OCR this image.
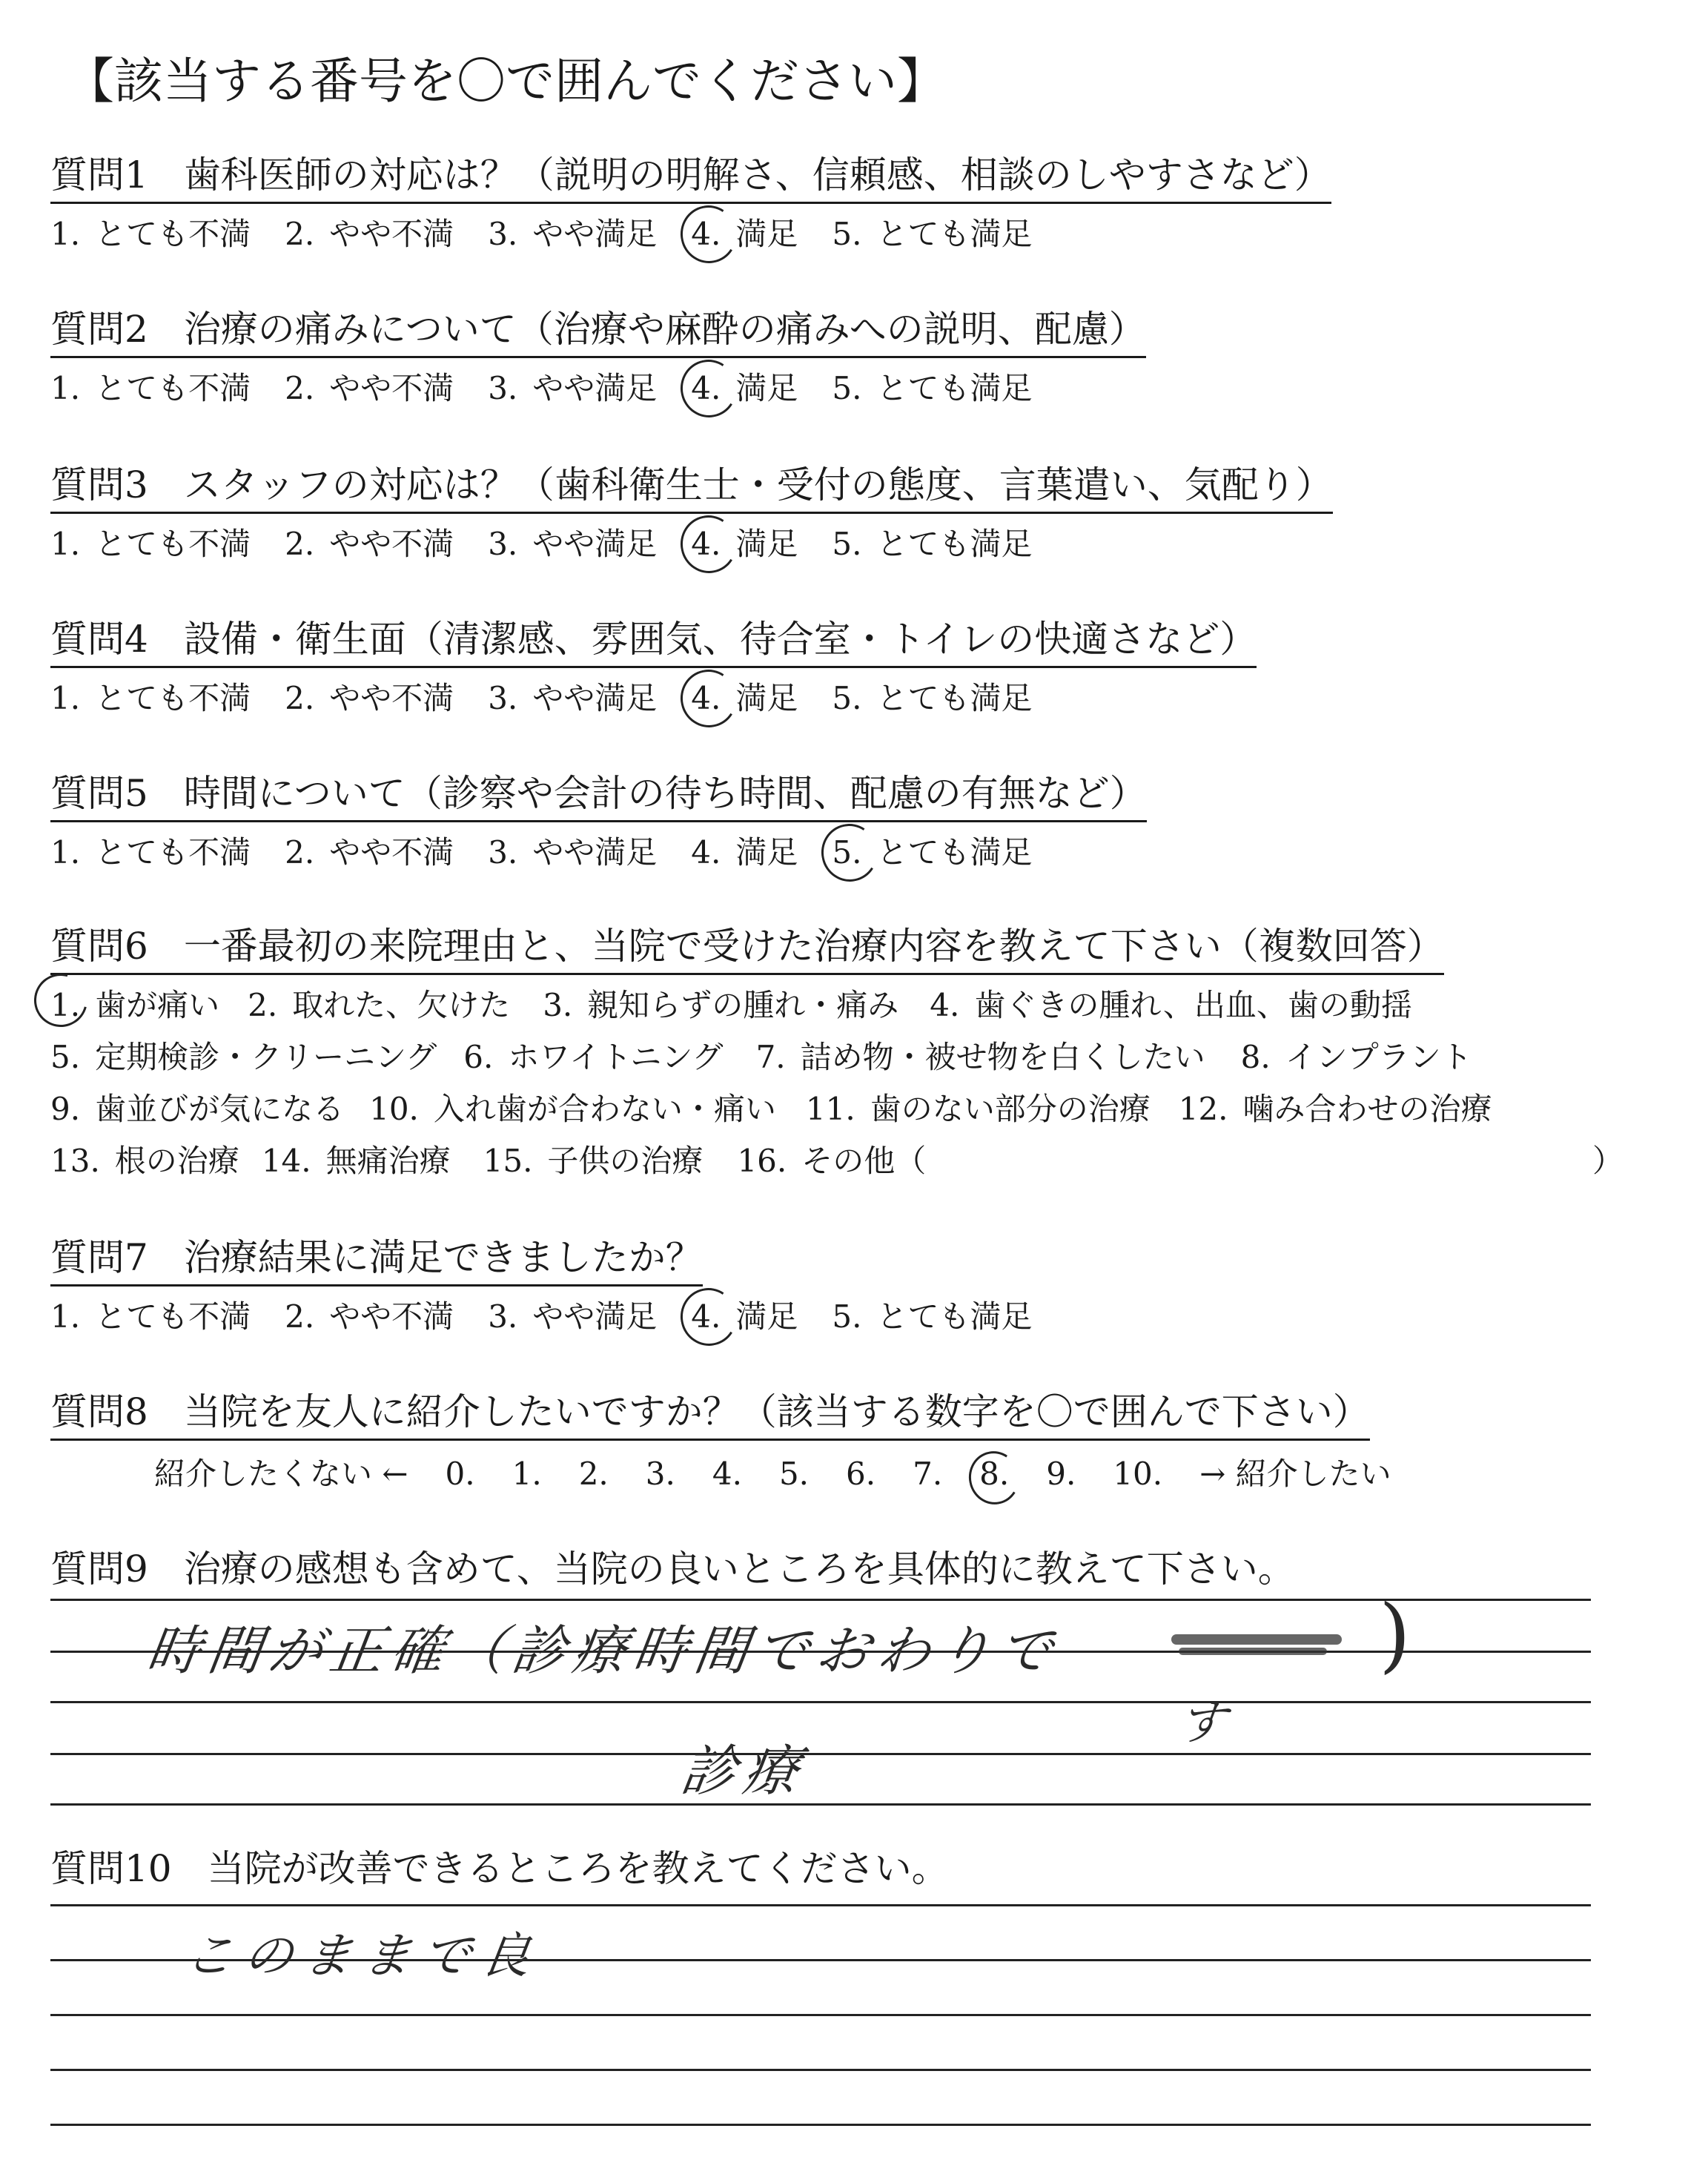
【該当する番号を〇で囲んでください】
質問1 歯科医師の対応は？（説明の明解さ、信頼感、相談のしやすさなど）
1. とても不満 2. やや不満 3. やや満足 4. 満足 5. とても満足
質問2 治療の痛みについて（治療や麻酔の痛みへの説明、配慮）
1. とても不満 2. やや不満 3. やや満足 4. 満足 5. とても満足
質問3 スタッフの対応は？（歯科衛生士・受付の態度、言葉遣い、気配り）
1. とても不満 2. やや不満 3. やや満足 4. 満足 5. とても満足
質問4 設備・衛生面（清潔感、雰囲気、待合室・トイレの快適さなど）
1. とても不満 2. やや不満 3. やや満足 4. 満足 5. とても満足
質問5 時間について（診察や会計の待ち時間、配慮の有無など）
1. とても不満 2. やや不満 3. やや満足 4. 満足 5. とても満足
質問6 一番最初の来院理由と、当院で受けた治療内容を教えて下さい（複数回答）
1. 歯が痛い 2. 取れた、欠けた 3. 親知らずの腫れ・痛み 4. 歯ぐきの腫れ、出血、歯の動揺
5. 定期検診・クリーニング 6. ホワイトニング 7. 詰め物・被せ物を白くしたい 8. インプラント
9. 歯並びが気になる 10. 入れ歯が合わない・痛い 11. 歯のない部分の治療 12. 噛み合わせの治療
13. 根の治療 14. 無痛治療 15. 子供の治療 16. その他（	）
質問7 治療結果に満足できましたか？
1. とても不満 2. やや不満 3. やや満足 4. 満足 5. とても満足
質問8 当院を友人に紹介したいですか？（該当する数字を〇で囲んで下さい）
紹介したくない ← 0. 1. 2. 3. 4. 5. 6. 7. 8. 9. 10. → 紹介したい
質問9 治療の感想も含めて、当院の良いところを具体的に教えて下さい。
時間が正確（診療時間でおわりで	)
す
診療
質問10 当院が改善できるところを教えてください。
このままで良
